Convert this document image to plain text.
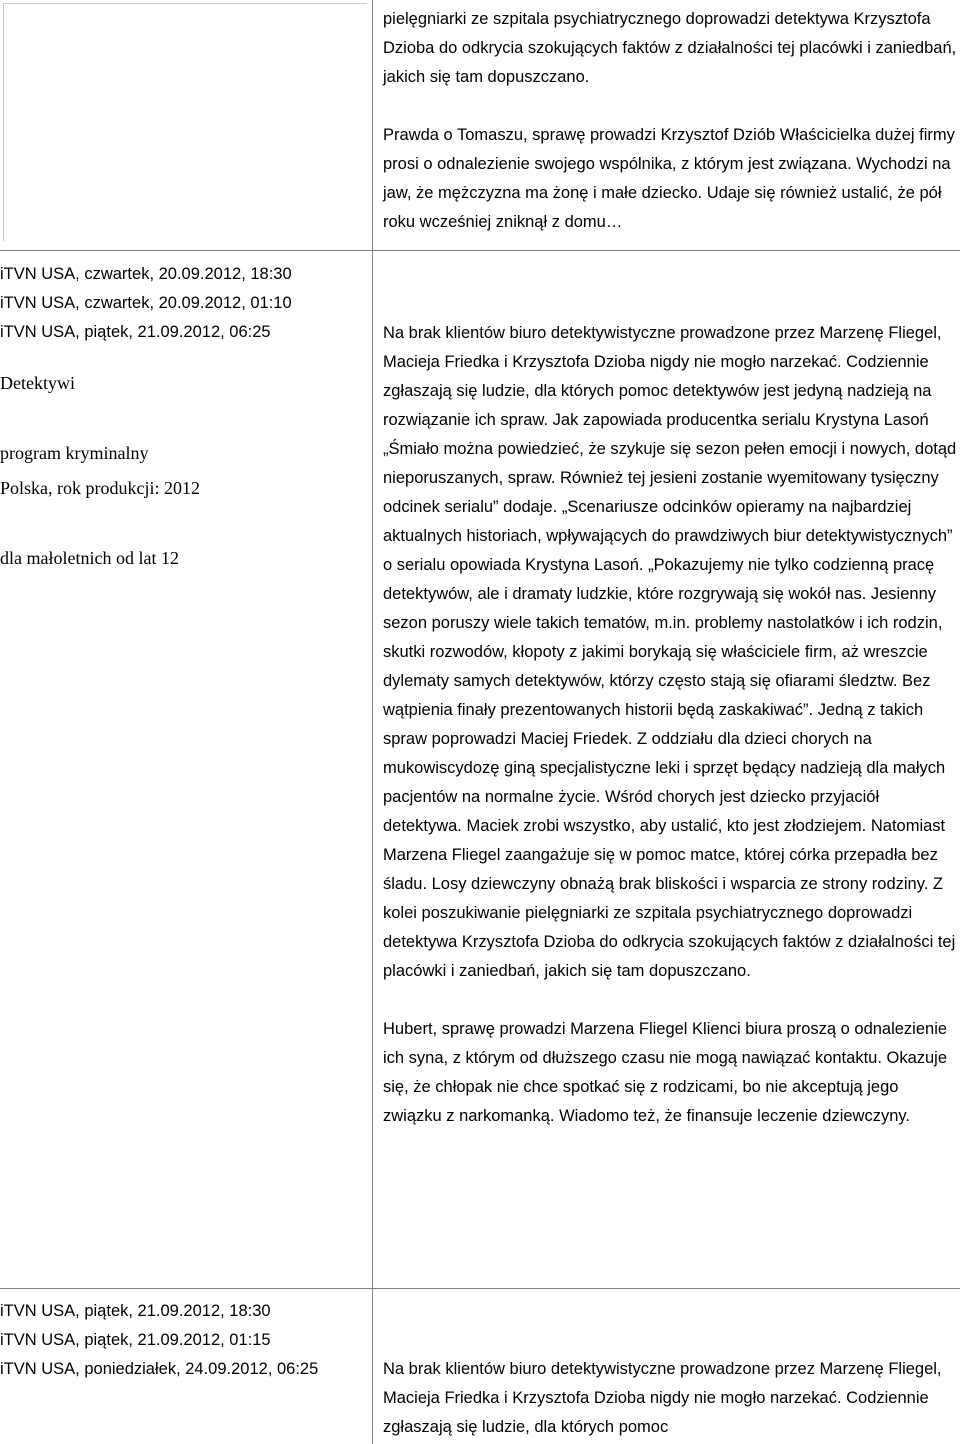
pielęgniarki ze szpitala psychiatrycznego doprowadzi detektywa Krzysztofa Dzioba do odkrycia szokujących faktów z działalności tej placówki i zaniedbań, jakich się tam dopuszczano.

Prawda o Tomaszu, sprawę prowadzi Krzysztof Dziób Właścicielka dużej firmy prosi o odnalezienie swojego wspólnika, z którym jest związana. Wychodzi na jaw, że mężczyzna ma żonę i małe dziecko. Udaje się również ustalić, że pół roku wcześniej zniknął z domu…

iTVN USA, czwartek, 20.09.2012, 18:30
iTVN USA, czwartek, 20.09.2012, 01:10
iTVN USA, piątek, 21.09.2012, 06:25
Detektywi
program kryminalny
Polska, rok produkcji: 2012
dla małoletnich od lat 12

Na brak klientów biuro detektywistyczne prowadzone przez Marzenę Fliegel, Macieja Friedka i Krzysztofa Dzioba nigdy nie mogło narzekać. Codziennie zgłaszają się ludzie, dla których pomoc detektywów jest jedyną nadzieją na rozwiązanie ich spraw. Jak zapowiada producentka serialu Krystyna Lasoń „Śmiało można powiedzieć, że szykuje się sezon pełen emocji i nowych, dotąd nieporuszanych, spraw. Również tej jesieni zostanie wyemitowany tysięczny odcinek serialu” dodaje. „Scenariusze odcinków opieramy na najbardziej aktualnych historiach, wpływających do prawdziwych biur detektywistycznych” o serialu opowiada Krystyna Lasoń. „Pokazujemy nie tylko codzienną pracę detektywów, ale i dramaty ludzkie, które rozgrywają się wokół nas. Jesienny sezon poruszy wiele takich tematów, m.in. problemy nastolatków i ich rodzin, skutki rozwodów, kłopoty z jakimi borykają się właściciele firm, aż wreszcie dylematy samych detektywów, którzy często stają się ofiarami śledztw. Bez wątpienia finały prezentowanych historii będą zaskakiwać”. Jedną z takich spraw poprowadzi Maciej Friedek. Z oddziału dla dzieci chorych na mukowiscydozę giną specjalistyczne leki i sprzęt będący nadzieją dla małych pacjentów na normalne życie. Wśród chorych jest dziecko przyjaciół detektywa. Maciek zrobi wszystko, aby ustalić, kto jest złodziejem. Natomiast Marzena Fliegel zaangażuje się w pomoc matce, której córka przepadła bez śladu. Losy dziewczyny obnażą brak bliskości i wsparcia ze strony rodziny. Z kolei poszukiwanie pielęgniarki ze szpitala psychiatrycznego doprowadzi detektywa Krzysztofa Dzioba do odkrycia szokujących faktów z działalności tej placówki i zaniedbań, jakich się tam dopuszczano.

Hubert, sprawę prowadzi Marzena Fliegel Klienci biura proszą o odnalezienie ich syna, z którym od dłuższego czasu nie mogą nawiązać kontaktu. Okazuje się, że chłopak nie chce spotkać się z rodzicami, bo nie akceptują jego związku z narkomanką. Wiadomo też, że finansuje leczenie dziewczyny.

iTVN USA, piątek, 21.09.2012, 18:30
iTVN USA, piątek, 21.09.2012, 01:15
iTVN USA, poniedziałek, 24.09.2012, 06:25	Na brak klientów biuro detektywistyczne prowadzone przez Marzenę Fliegel, Macieja Friedka i Krzysztofa Dzioba nigdy nie mogło narzekać. Codziennie zgłaszają się ludzie, dla których pomoc
